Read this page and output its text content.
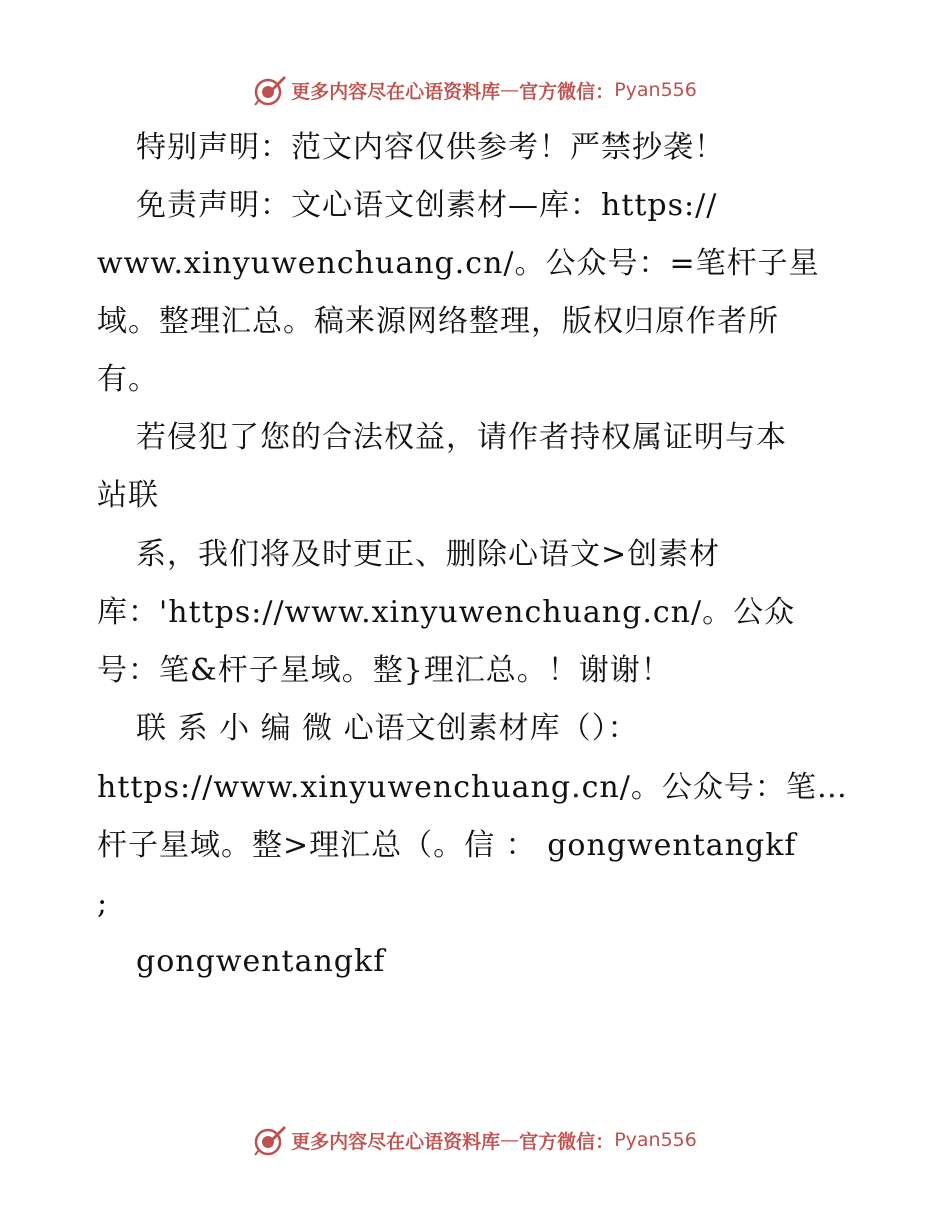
更多内容尽在心语资料库 — 官方微信： Pyan556
特别声明：范文内容仅供参考！严禁抄袭！
免责声明：文心语文创素材—库：https://
www.xinyuwenchuang.cn/。公众号：=笔杆子星
域。整理汇总。稿来源网络整理，版权归原作者所
有。
若侵犯了您的合法权益，请作者持权属证明与本
站联
系，我们将及时更正、删除心语文>创素材
库：'https://www.xinyuwenchuang.cn/。公众
号：笔&杆子星域。整}理汇总。！谢谢！
联 系 小 编 微 心语文创素材库（）：
https://www.xinyuwenchuang.cn/。公众号：笔…
杆子星域。整>理汇总（。信 ： gongwentangkf
;
gongwentangkf
更多内容尽在心语资料库 — 官方微信： Pyan556
